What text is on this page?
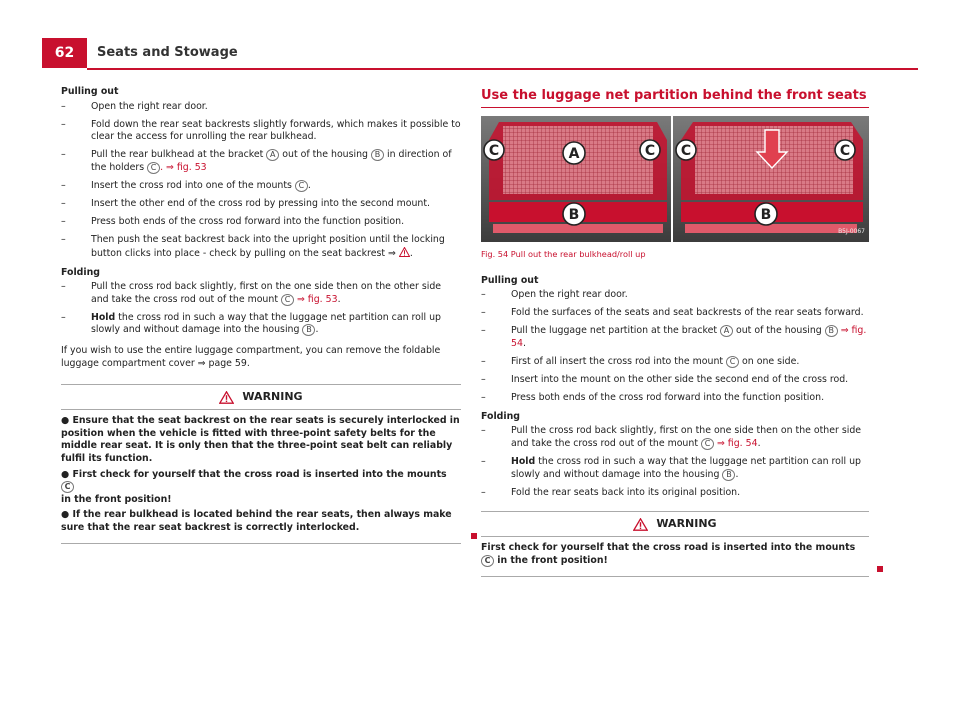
62	Seats and Stowage

Pulling out

– Open the right rear door.
– Fold down the rear seat backrests slightly forwards, which makes it possible to clear the access for unrolling the rear bulkhead.
– Pull the rear bulkhead at the bracket A out of the housing B in direction of the holders C . ⇒ fig. 53
– Insert the cross rod into one of the mounts C .
– Insert the other end of the cross rod by pressing into the second mount.
– Press both ends of the cross rod forward into the function position.
– Then push the seat backrest back into the upright position until the locking button clicks into place - check by pulling on the seat backrest ⇒ .

Folding

– Pull the cross rod back slightly, first on the one side then on the other side and take the cross rod out of the mount C ⇒ fig. 53.
– Hold the cross rod in such a way that the luggage net partition can roll up slowly and without damage into the housing B .

If you wish to use the entire luggage compartment, you can remove the foldable luggage compartment cover ⇒ page 59.

WARNING

● Ensure that the seat backrest on the rear seats is securely interlocked in position when the vehicle is fitted with three-point safety belts for the middle rear seat. It is only then that the three-point seat belt can reliably fulfil its function.

● First check for yourself that the cross road is inserted into the mounts C
in the front position!

● If the rear bulkhead is located behind the rear seats, then always make sure that the rear seat backrest is correctly interlocked.

Use the luggage net partition behind the front seats
C	A	C
B
C	C
B
B5J-0067
Fig. 54 Pull out the rear bulkhead/roll up

Pulling out

– Open the right rear door.
– Fold the surfaces of the seats and seat backrests of the rear seats forward.
– Pull the luggage net partition at the bracket A out of the housing B ⇒ fig. 54.
– First of all insert the cross rod into the mount C on one side.
– Insert into the mount on the other side the second end of the cross rod.
– Press both ends of the cross rod forward into the function position.

Folding

– Pull the cross rod back slightly, first on the one side then on the other side and take the cross rod out of the mount C ⇒ fig. 54.
– Hold the cross rod in such a way that the luggage net partition can roll up slowly and without damage into the housing B .
– Fold the rear seats back into its original position.
WARNING

First check for yourself that the cross road is inserted into the mounts C in the front position!
